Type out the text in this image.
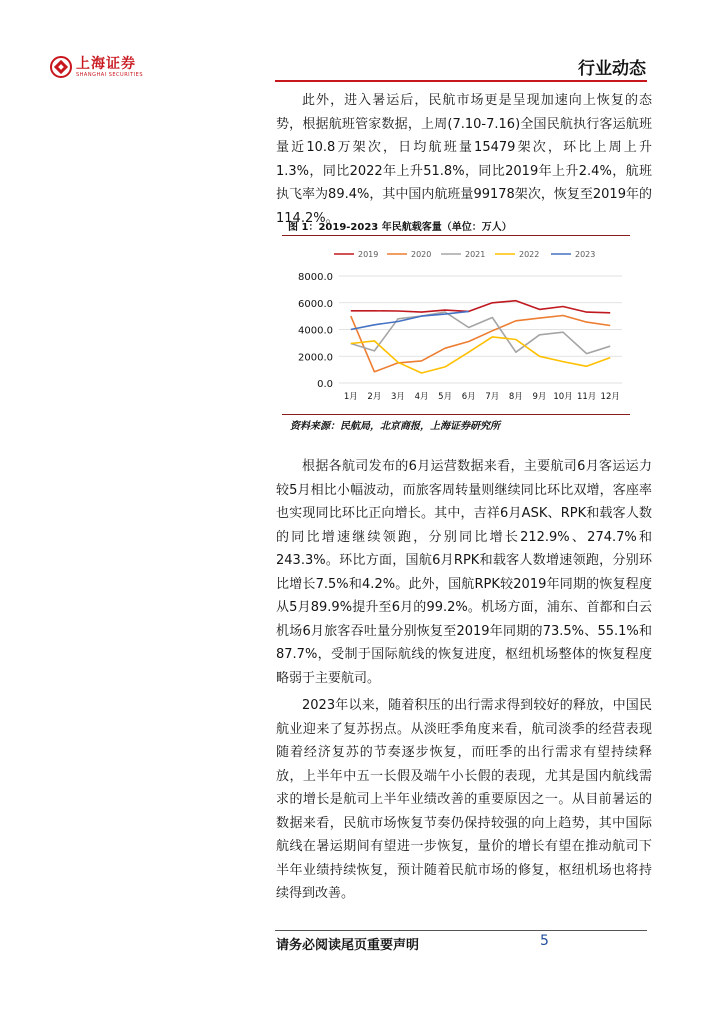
上海证券
SHANGHAI SECURITIES	行业动态

此外，进入暑运后，民航市场更是呈现加速向上恢复的态势，根据航班管家数据，上周(7.10-7.16)全国民航执行客运航班量近10.8万架次，日均航班量15479架次，环比上周上升1.3%，同比2022年上升51.8%，同比2019年上升2.4%，航班执飞率为89.4%，其中国内航班量99178架次，恢复至2019年的114.2%。

图 1：2019-2023 年民航载客量（单位：万人）
2019	2020	2021	2022	2023
0.0
2000.0
4000.0
6000.0
8000.0
1月 2月 3月 4月 5月 6月 7月 8月 9月 10月 11月 12月
资料来源：民航局，北京商报，上海证券研究所

根据各航司发布的6月运营数据来看，主要航司6月客运运力较5月相比小幅波动，而旅客周转量则继续同比环比双增，客座率也实现同比环比正向增长。其中，吉祥6月ASK、RPK和载客人数的同比增速继续领跑，分别同比增长212.9%、274.7%和243.3%。环比方面，国航6月RPK和载客人数增速领跑，分别环比增长7.5%和4.2%。此外，国航RPK较2019年同期的恢复程度从5月89.9%提升至6月的99.2%。机场方面，浦东、首都和白云机场6月旅客吞吐量分别恢复至2019年同期的73.5%、55.1%和87.7%，受制于国际航线的恢复进度，枢纽机场整体的恢复程度略弱于主要航司。

2023年以来，随着积压的出行需求得到较好的释放，中国民航业迎来了复苏拐点。从淡旺季角度来看，航司淡季的经营表现随着经济复苏的节奏逐步恢复，而旺季的出行需求有望持续释放，上半年中五一长假及端午小长假的表现，尤其是国内航线需求的增长是航司上半年业绩改善的重要原因之一。从目前暑运的数据来看，民航市场恢复节奏仍保持较强的向上趋势，其中国际航线在暑运期间有望进一步恢复，量价的增长有望在推动航司下半年业绩持续恢复，预计随着民航市场的修复，枢纽机场也将持续得到改善。

请务必阅读尾页重要声明	5
